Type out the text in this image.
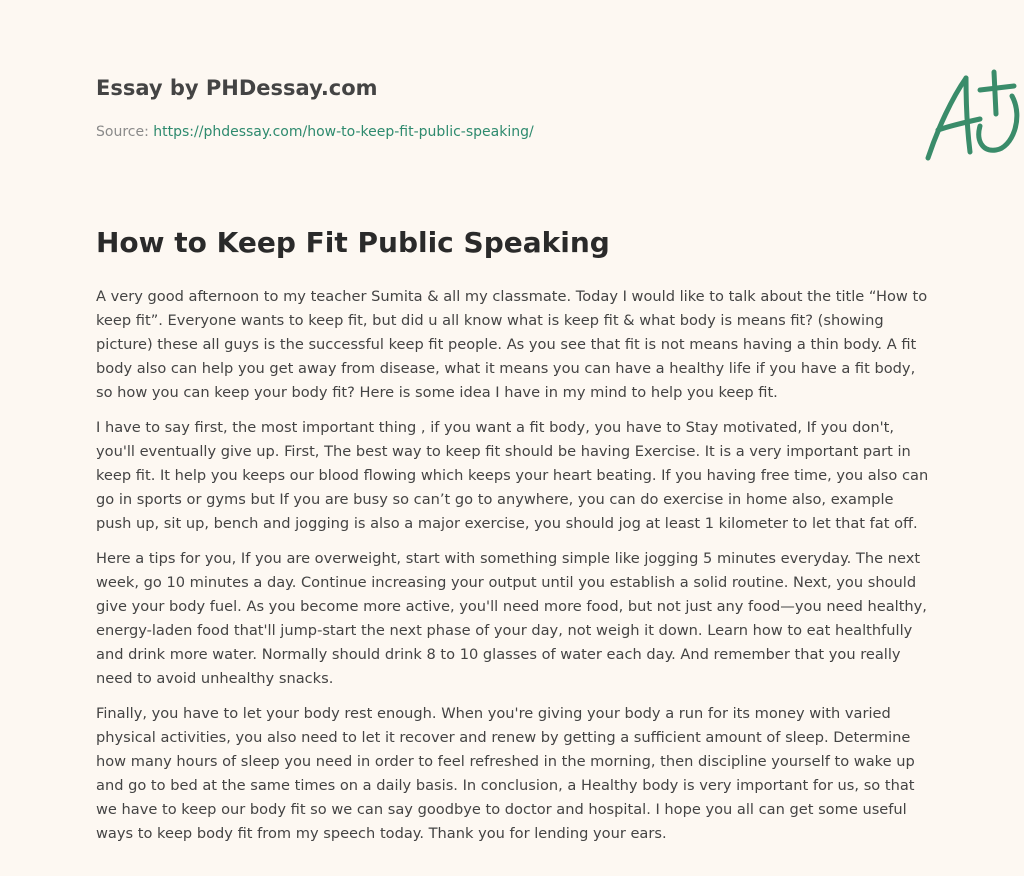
Essay by PHDessay.com
Source: https://phdessay.com/how-to-keep-fit-public-speaking/
How to Keep Fit Public Speaking

A very good afternoon to my teacher Sumita & all my classmate. Today I would like to talk about the title “How to keep fit”. Everyone wants to keep fit, but did u all know what is keep fit & what body is means fit? (showing picture) these all guys is the successful keep fit people. As you see that fit is not means having a thin body. A fit body also can help you get away from disease, what it means you can have a healthy life if you have a fit body, so how you can keep your body fit? Here is some idea I have in my mind to help you keep fit.

I have to say first, the most important thing , if you want a fit body, you have to Stay motivated, If you don't, you'll eventually give up. First, The best way to keep fit should be having Exercise. It is a very important part in keep fit. It help you keeps our blood flowing which keeps your heart beating. If you having free time, you also can go in sports or gyms but If you are busy so can’t go to anywhere, you can do exercise in home also, example push up, sit up, bench and jogging is also a major exercise, you should jog at least 1 kilometer to let that fat off.

Here a tips for you, If you are overweight, start with something simple like jogging 5 minutes everyday. The next week, go 10 minutes a day. Continue increasing your output until you establish a solid routine. Next, you should give your body fuel. As you become more active, you'll need more food, but not just any food—you need healthy, energy-laden food that'll jump-start the next phase of your day, not weigh it down. Learn how to eat healthfully and drink more water. Normally should drink 8 to 10 glasses of water each day. And remember that you really need to avoid unhealthy snacks.

Finally, you have to let your body rest enough. When you're giving your body a run for its money with varied physical activities, you also need to let it recover and renew by getting a sufficient amount of sleep. Determine how many hours of sleep you need in order to feel refreshed in the morning, then discipline yourself to wake up and go to bed at the same times on a daily basis. In conclusion, a Healthy body is very important for us, so that we have to keep our body fit so we can say goodbye to doctor and hospital. I hope you all can get some useful ways to keep body fit from my speech today. Thank you for lending your ears.
